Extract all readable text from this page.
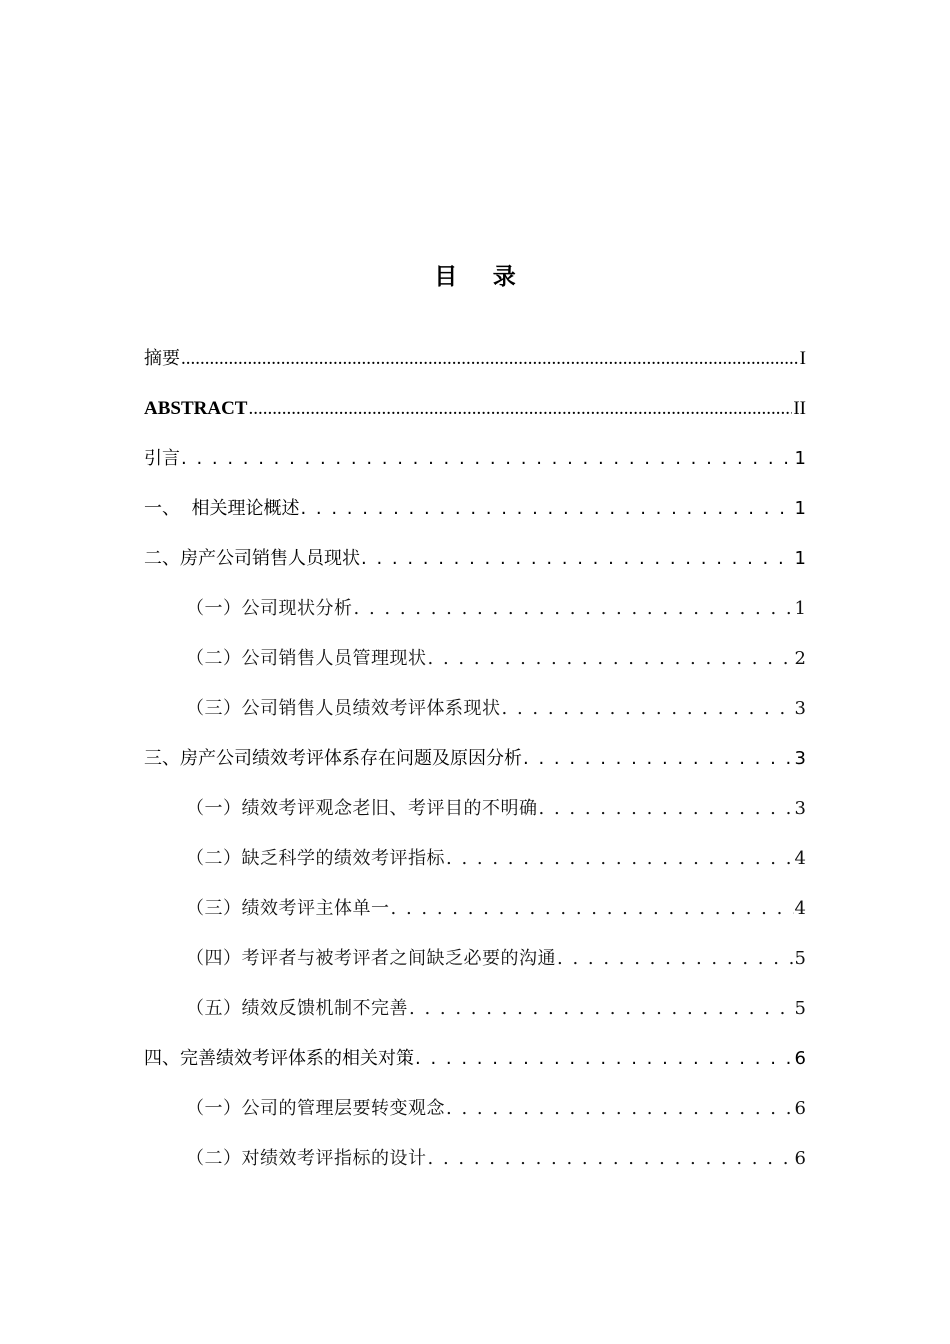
目 录
摘要 .....	I
ABSTRACT .....	II
引言 . . .	1
一、  相关理论概述 . . .	1
二、房产公司销售人员现状 . . .	1
（一）公司现状分析 . . .	1
（二）公司销售人员管理现状 . . .	2
（三）公司销售人员绩效考评体系现状 . . .	3
三、房产公司绩效考评体系存在问题及原因分析 . . .	3
（一）绩效考评观念老旧、考评目的不明确 . . .	3
（二）缺乏科学的绩效考评指标 . . .	4
（三）绩效考评主体单一 . . .	4
（四）考评者与被考评者之间缺乏必要的沟通 . . .	5
（五）绩效反馈机制不完善 . . .	5
四、完善绩效考评体系的相关对策 . . .	6
（一）公司的管理层要转变观念 . . .	6
（二）对绩效考评指标的设计 . . .	6
